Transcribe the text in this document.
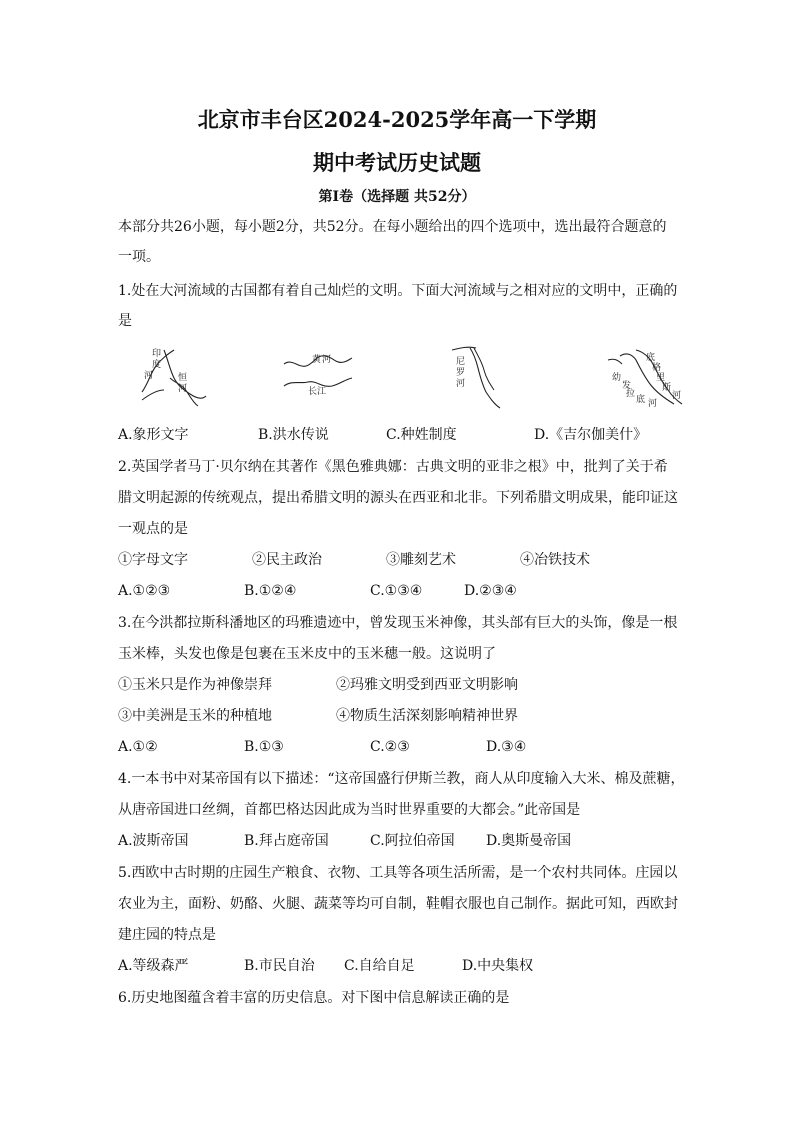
北京市丰台区2024-2025学年高一下学期
期中考试历史试题
第Ⅰ卷（选择题 共52分）
本部分共26小题，每小题2分，共52分。在每小题给出的四个选项中，选出最符合题意的
一项。
1.处在大河流域的古国都有着自己灿烂的文明。下面大河流域与之相对应的文明中，正确的
是
印
度
河	恒
河
黄 河
长江
尼
罗
河
幼
发
拉
底 河
底
格
里
斯
河
A.象形文字	B.洪水传说	C.种姓制度	D.《吉尔伽美什》
2.英国学者马丁·贝尔纳在其著作《黑色雅典娜：古典文明的亚非之根》中，批判了关于希
腊文明起源的传统观点，提出希腊文明的源头在西亚和北非。下列希腊文明成果，能印证这
一观点的是
①字母文字	②民主政治	③雕刻艺术	④冶铁技术
A.①②③	B.①②④	C.①③④	D.②③④
3.在今洪都拉斯科潘地区的玛雅遗迹中，曾发现玉米神像，其头部有巨大的头饰，像是一根
玉米棒，头发也像是包裹在玉米皮中的玉米穗一般。这说明了
①玉米只是作为神像崇拜	②玛雅文明受到西亚文明影响
③中美洲是玉米的种植地	④物质生活深刻影响精神世界
A.①②	B.①③	C.②③	D.③④
4.一本书中对某帝国有以下描述：“这帝国盛行伊斯兰教，商人从印度输入大米、棉及蔗糖，
从唐帝国进口丝绸，首都巴格达因此成为当时世界重要的大都会。”此帝国是
A.波斯帝国	B.拜占庭帝国	C.阿拉伯帝国 D.奥斯曼帝国
5.西欧中古时期的庄园生产粮食、衣物、工具等各项生活所需，是一个农村共同体。庄园以
农业为主，面粉、奶酪、火腿、蔬菜等均可自制，鞋帽衣服也自己制作。据此可知，西欧封
建庄园的特点是
A.等级森严	B.市民自治 C.自给自足	D.中央集权
6.历史地图蕴含着丰富的历史信息。对下图中信息解读正确的是
